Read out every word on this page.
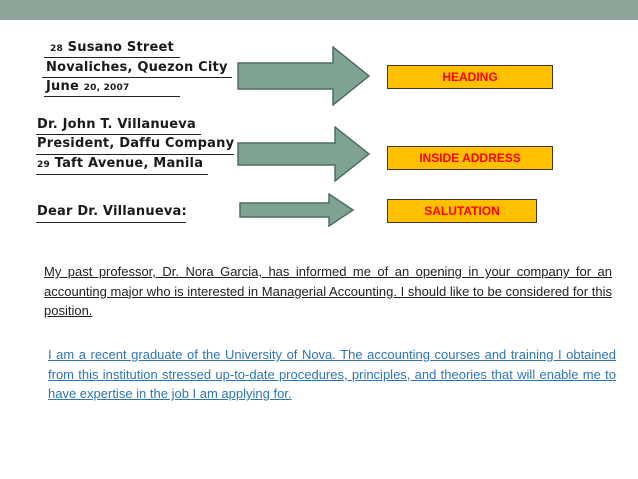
28 Susano Street
Novaliches, Quezon City
June 20, 2007
Dr. John T. Villanueva
President, Daffu Company
29 Taft Avenue, Manila
Dear Dr. Villanueva:
HEADING
INSIDE ADDRESS
SALUTATION
My past professor, Dr. Nora Garcia, has informed me of an opening in your company for an accounting major who is interested in Managerial Accounting. I should like to be considered for this position.
I am a recent graduate of the University of Nova. The accounting courses and training I obtained from this institution stressed up-to-date procedures, principles, and theories that will enable me to have expertise in the job I am applying for.
